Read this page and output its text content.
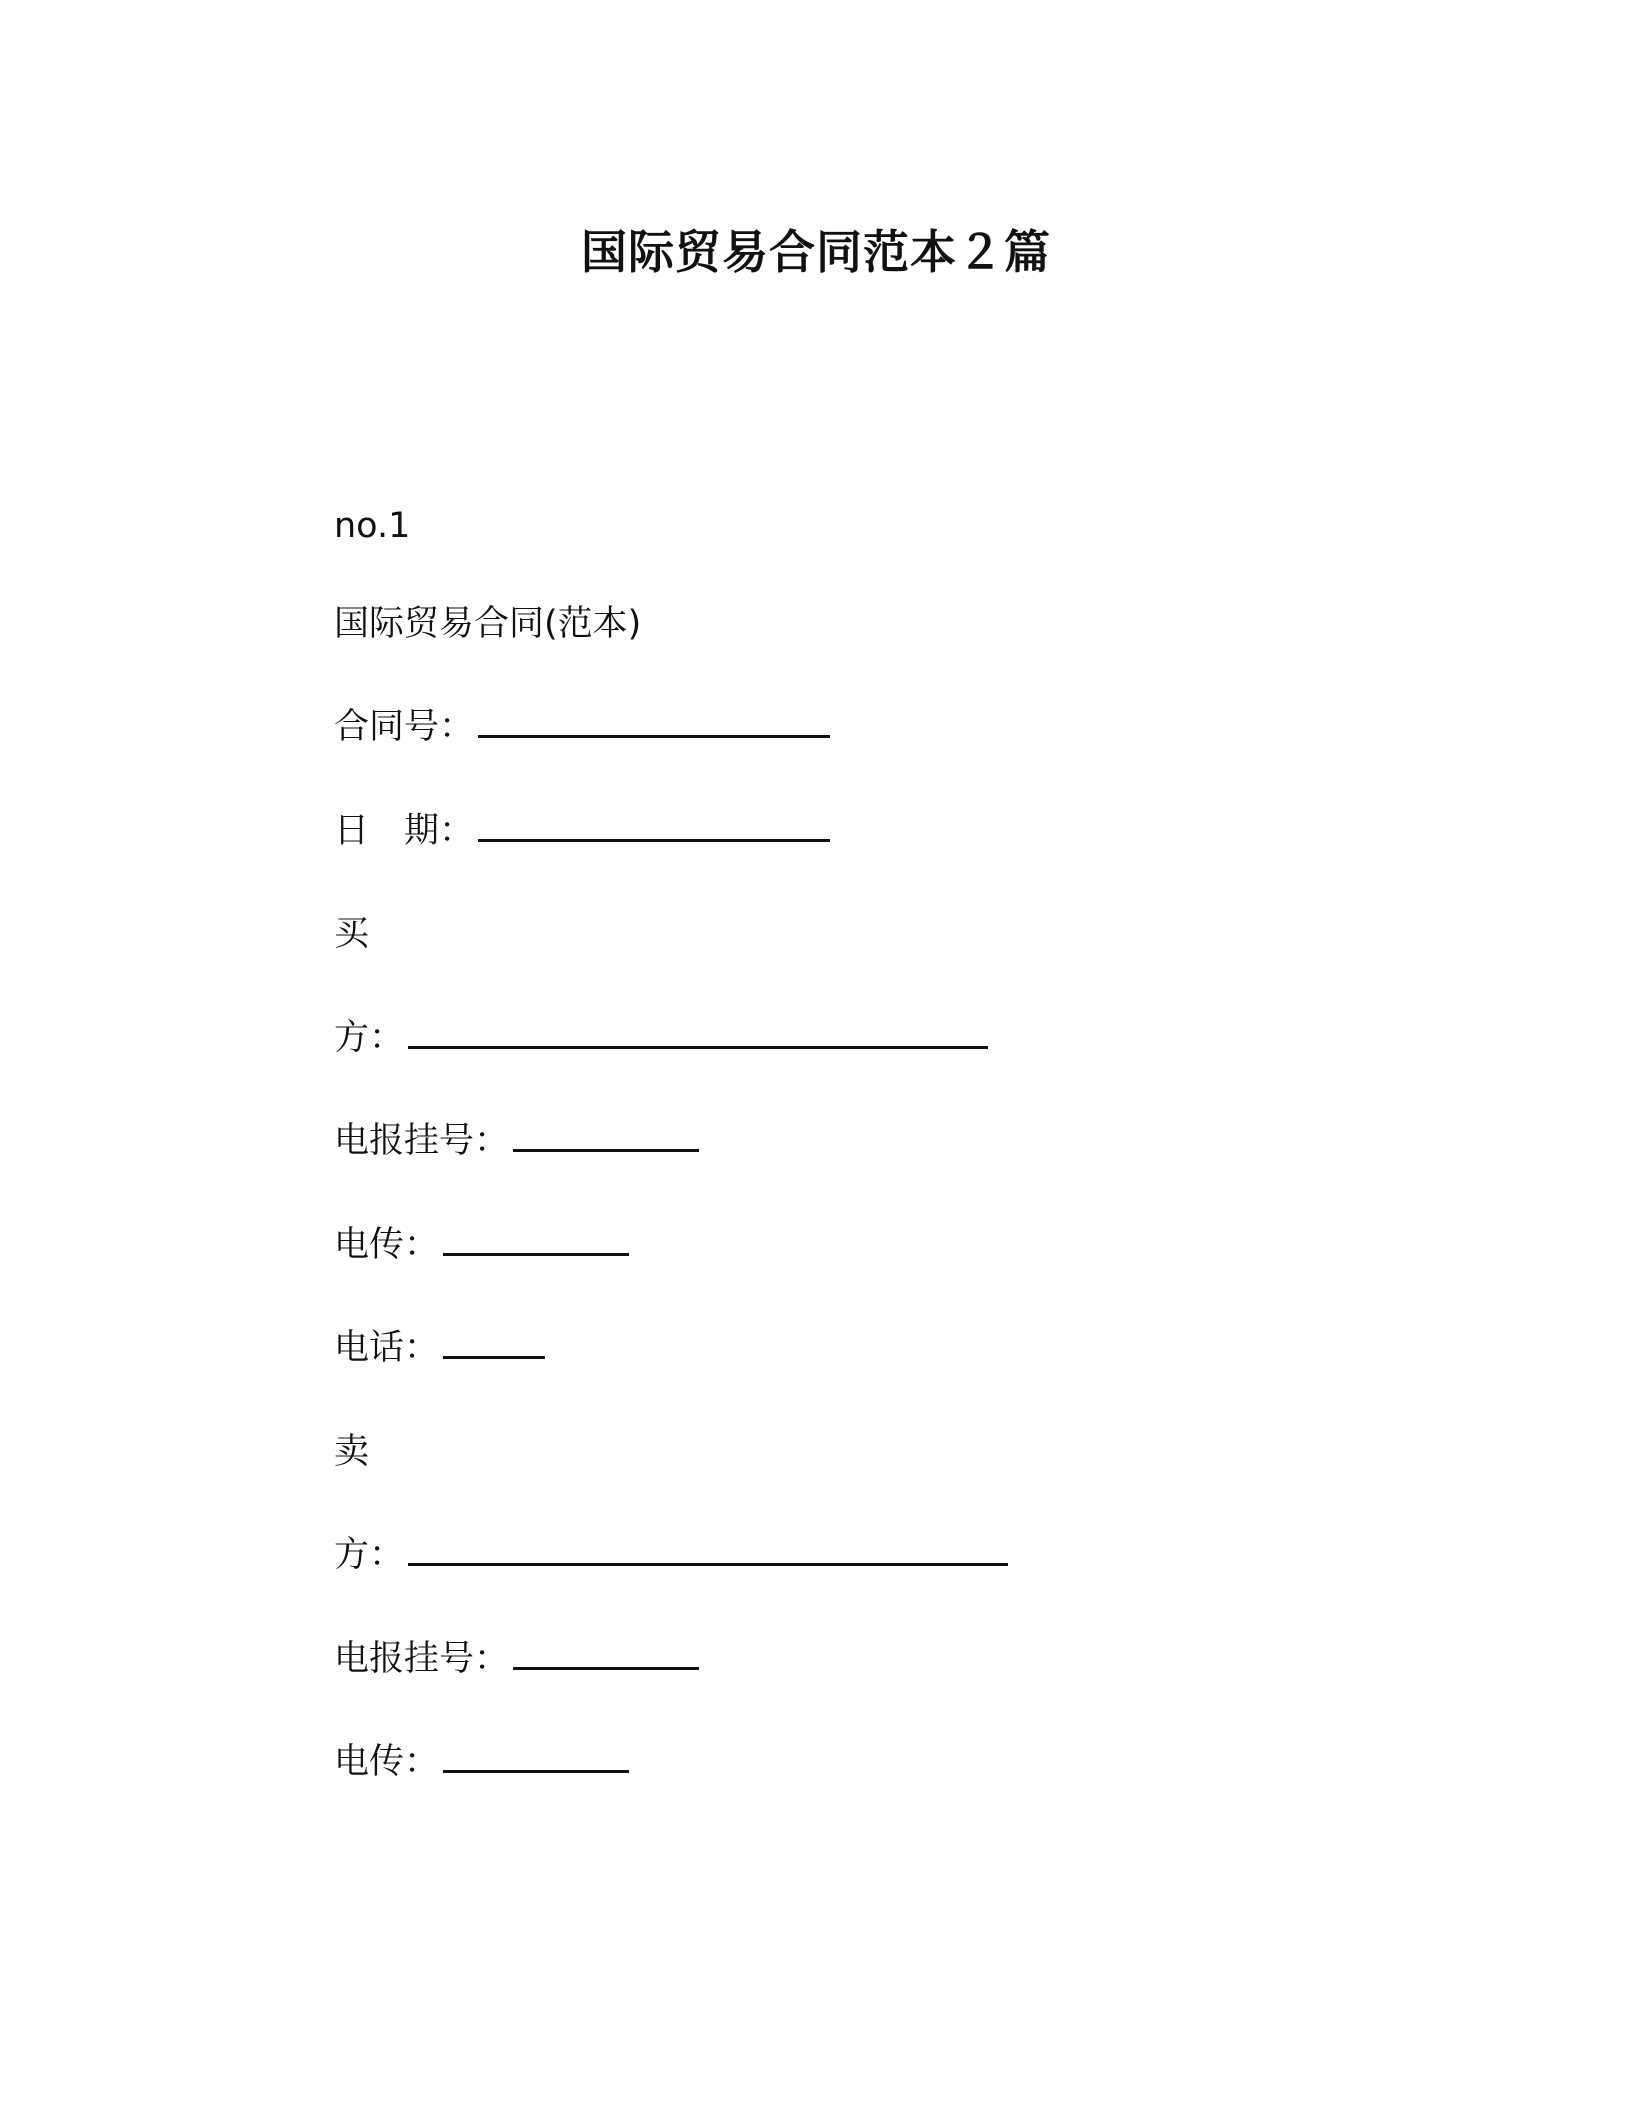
国际贸易合同范本２篇

no.1

国际贸易合同(范本)

合同号：

日　期：

买

方：

电报挂号：

电传：

电话：

卖

方：

电报挂号：

电传：
